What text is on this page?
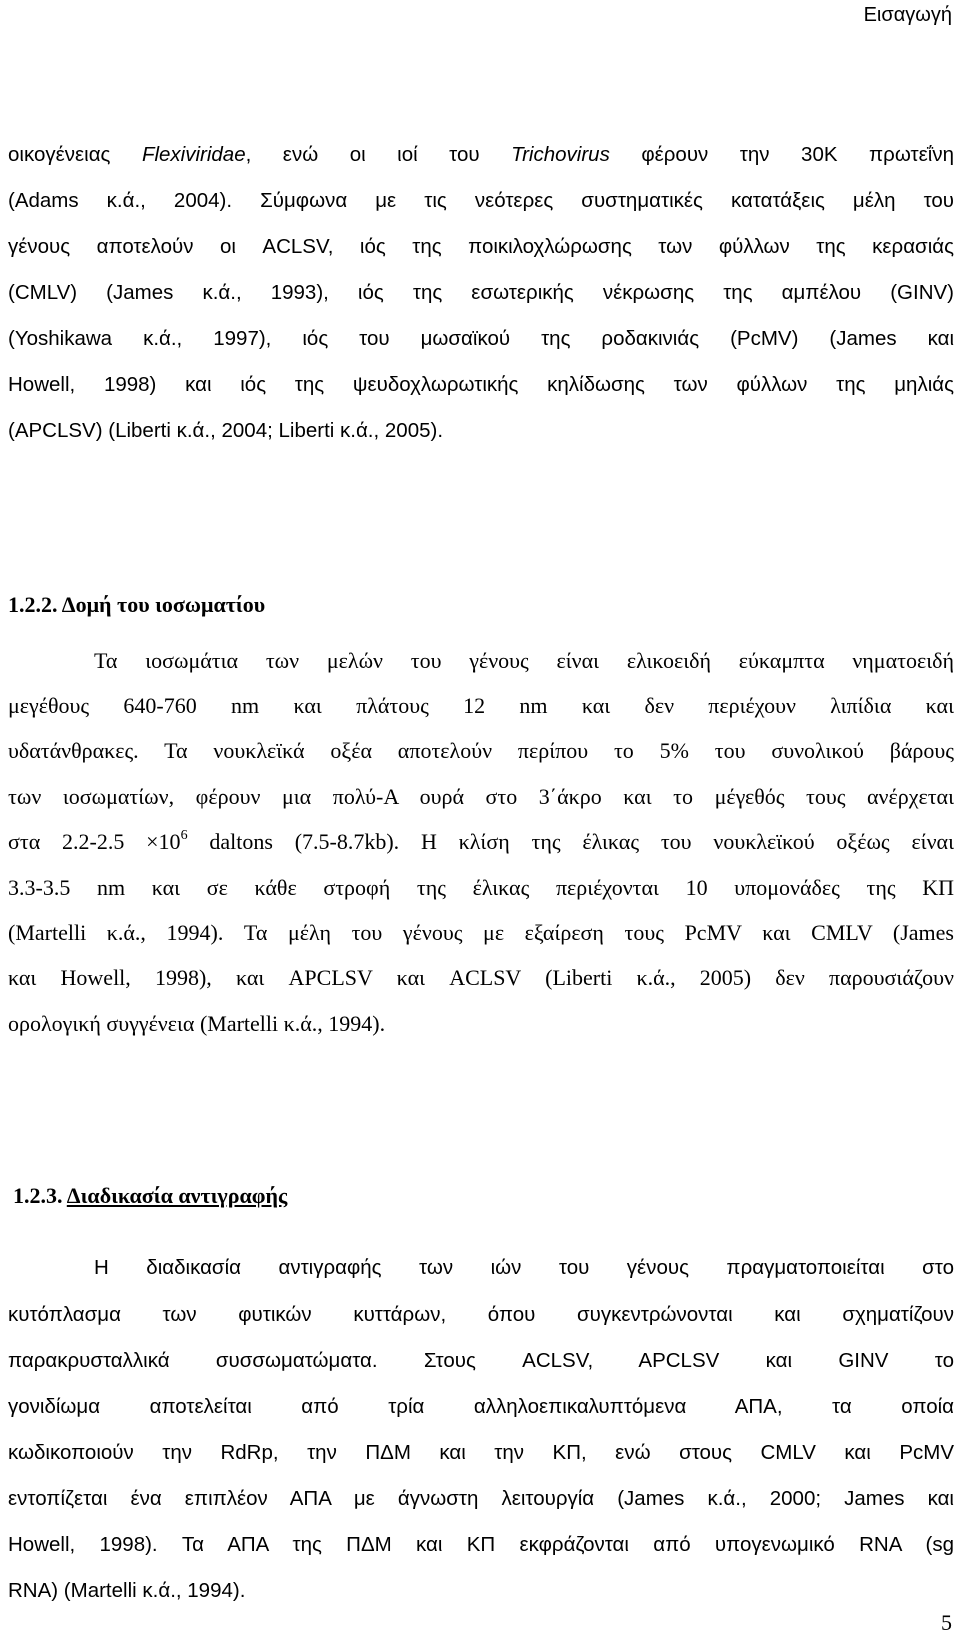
Εισαγωγή
οικογένειας Flexiviridae, ενώ οι ιοί του Trichovirus φέρουν την 30K πρωτεΐνη
(Adams κ.ά., 2004). Σύμφωνα με τις νεότερες συστηματικές κατατάξεις μέλη του
γένους αποτελούν οι ACLSV, ιός της ποικιλοχλώρωσης των φύλλων της κερασιάς
(CMLV) (James κ.ά., 1993), ιός της εσωτερικής νέκρωσης της αμπέλου (GINV)
(Yoshikawa κ.ά., 1997), ιός του μωσαϊκού της ροδακινιάς (PcMV) (James και
Howell, 1998) και ιός της ψευδοχλωρωτικής κηλίδωσης των φύλλων της μηλιάς
(APCLSV) (Liberti κ.ά., 2004; Liberti κ.ά., 2005).
1.2.2. Δομή του ιοσωματίου
Τα ιοσωμάτια των μελών του γένους είναι ελικοειδή εύκαμπτα νηματοειδή
μεγέθους 640-760 nm και πλάτους 12 nm και δεν περιέχουν λιπίδια και
υδατάνθρακες. Τα νουκλεϊκά οξέα αποτελούν περίπου το 5% του συνολικού βάρους
των ιοσωματίων, φέρουν μια πολύ-Α ουρά στο 3΄άκρο και το μέγεθός τους ανέρχεται
στα $2.2-2.5 \times 10^6$ daltons (7.5-8.7kb). Η κλίση της έλικας του νουκλεϊκού οξέως είναι
3.3-3.5 nm και σε κάθε στροφή της έλικας περιέχονται 10 υπομονάδες της ΚΠ
(Martelli κ.ά., 1994). Τα μέλη του γένους με εξαίρεση τους PcMV και CMLV (James
και Howell, 1998), και APCLSV και ACLSV (Liberti κ.ά., 2005) δεν παρουσιάζουν
ορολογική συγγένεια (Martelli κ.ά., 1994).
1.2.3. Διαδικασία αντιγραφής
Η διαδικασία αντιγραφής των ιών του γένους πραγματοποιείται στο
κυτόπλασμα των φυτικών κυττάρων, όπου συγκεντρώνονται και σχηματίζουν
παρακρυσταλλικά συσσωματώματα. Στους ACLSV, APCLSV και GINV το
γονιδίωμα αποτελείται από τρία αλληλοεπικαλυπτόμενα ΑΠΑ, τα οποία
κωδικοποιούν την RdRp, την ΠΔΜ και την ΚΠ, ενώ στους CMLV και PcMV
εντοπίζεται ένα επιπλέον ΑΠΑ με άγνωστη λειτουργία (James κ.ά., 2000; James και
Howell, 1998). Τα ΑΠΑ της ΠΔΜ και ΚΠ εκφράζονται από υπογενωμικό RNA (sg
RNA) (Martelli κ.ά., 1994).
5
